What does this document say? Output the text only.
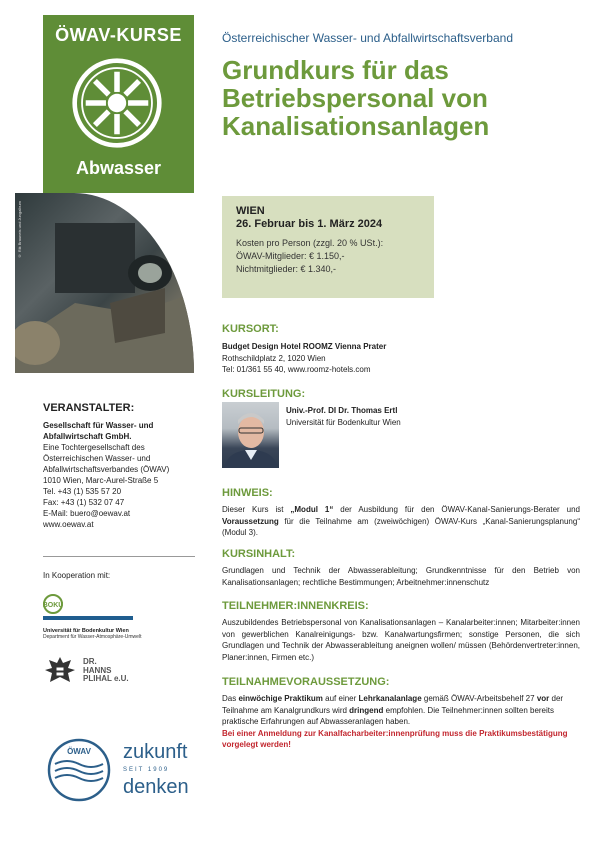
ÖWAV-KURSE
Abwasser
© Rik Brauneis und Jungalbum
Österreichischer Wasser- und Abfallwirtschaftsverband
Grundkurs für das Betriebspersonal von Kanalisationsanlagen
WIEN
26. Februar bis 1. März 2024
Kosten pro Person (zzgl. 20 % USt.):
ÖWAV-Mitglieder: € 1.150,-
Nichtmitglieder: € 1.340,-
KURSORT:
Budget Design Hotel ROOMZ Vienna Prater
Rothschildplatz 2, 1020 Wien
Tel: 01/361 55 40, www.roomz-hotels.com
KURSLEITUNG:
Univ.-Prof. DI Dr. Thomas Ertl
Universität für Bodenkultur Wien
HINWEIS:
Dieser Kurs ist „Modul 1“ der Ausbildung für den ÖWAV-Kanal-Sanierungs-Berater und Voraussetzung für die Teilnahme am (zweiwöchigen) ÖWAV-Kurs „Kanal-Sanierungsplanung“ (Modul 3).
KURSINHALT:
Grundlagen und Technik der Abwasserableitung; Grundkenntnisse für den Betrieb von Kanalisationsanlagen; rechtliche Bestimmungen; Arbeitnehmer:innenschutz
TEILNEHMER:INNENKREIS:
Auszubildendes Betriebspersonal von Kanalisationsanlagen – Kanalarbeiter:innen; Mitarbeiter:innen von gewerblichen Kanalreinigungs- bzw. Kanalwartungsfirmen; sonstige Personen, die sich Grundlagen und Technik der Abwasserableitung aneignen wollen/ müssen (Behördenvertreter:innen, Planer:innen, Firmen etc.)
TEILNAHMEVORAUSSETZUNG:
Das einwöchige Praktikum auf einer Lehrkanalanlage gemäß ÖWAV-Arbeitsbehelf 27 vor der Teilnahme am Kanalgrundkurs wird dringend empfohlen. Die Teilnehmer:innen sollten bereits praktische Erfahrungen auf Abwasseranlagen haben.
Bei einer Anmeldung zur Kanalfacharbeiter:innenprüfung muss die Praktikumsbestätigung vorgelegt werden!
VERANSTALTER:
Gesellschaft für Wasser- und
Abfallwirtschaft GmbH.
Eine Tochtergesellschaft des
Österreichischen Wasser- und
Abfallwirtschaftsverbandes (ÖWAV)
1010 Wien, Marc-Aurel-Straße 5
Tel. +43 (1) 535 57 20
Fax: +43 (1) 532 07 47
E-Mail: buero@oewav.at
www.oewav.at
In Kooperation mit:
BOKU
Universität für Bodenkultur Wien
Department für Wasser-Atmosphäre-Umwelt
DR.
HANNS
PLIHAL e.U.
ÖWAV zukunft
SEIT 1909
denken
